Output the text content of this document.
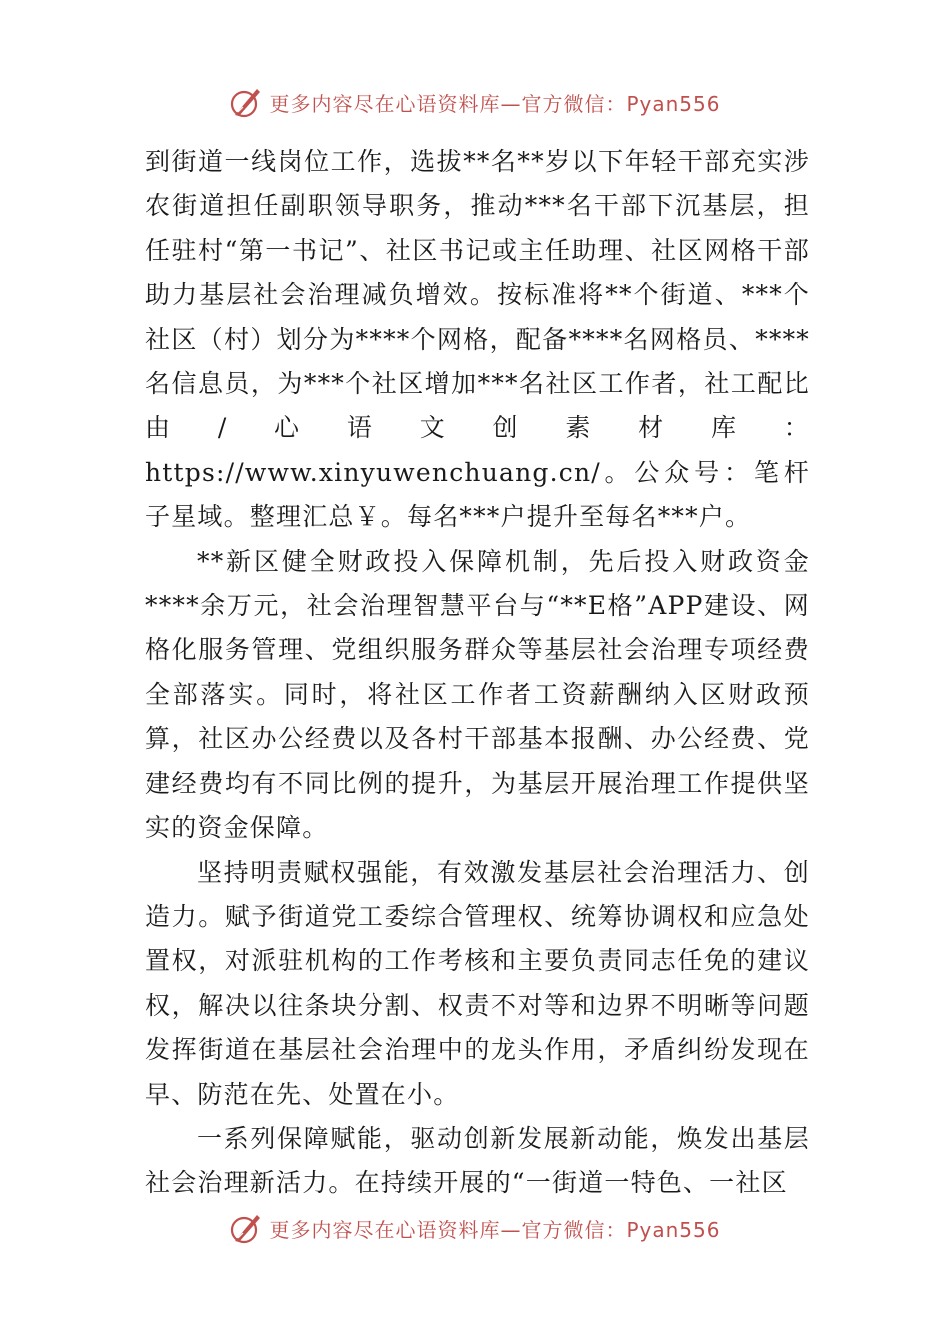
更多内容尽在心语资料库—官方微信：Pyan556

到街道一线岗位工作，选拔**名**岁以下年轻干部充实涉农街道担任副职领导职务，推动***名干部下沉基层，担任驻村“第一书记”、社区书记或主任助理、社区网格干部助力基层社会治理减负增效。按标准将**个街道、***个社区（村）划分为****个网格，配备****名网格员、****名信息员，为***个社区增加***名社区工作者，社工配比由/心语文创素材库：https://www.xinyuwenchuang.cn/。公众号：笔杆子星域。整理汇总￥。每名***户提升至每名***户。

**新区健全财政投入保障机制，先后投入财政资金****余万元，社会治理智慧平台与“**E格”APP建设、网格化服务管理、党组织服务群众等基层社会治理专项经费全部落实。同时，将社区工作者工资薪酬纳入区财政预算，社区办公经费以及各村干部基本报酬、办公经费、党建经费均有不同比例的提升，为基层开展治理工作提供坚实的资金保障。

坚持明责赋权强能，有效激发基层社会治理活力、创造力。赋予街道党工委综合管理权、统筹协调权和应急处置权，对派驻机构的工作考核和主要负责同志任免的建议权，解决以往条块分割、权责不对等和边界不明晰等问题发挥街道在基层社会治理中的龙头作用，矛盾纠纷发现在早、防范在先、处置在小。

一系列保障赋能，驱动创新发展新动能，焕发出基层社会治理新活力。在持续开展的“一街道一特色、一社区

更多内容尽在心语资料库—官方微信：Pyan556
